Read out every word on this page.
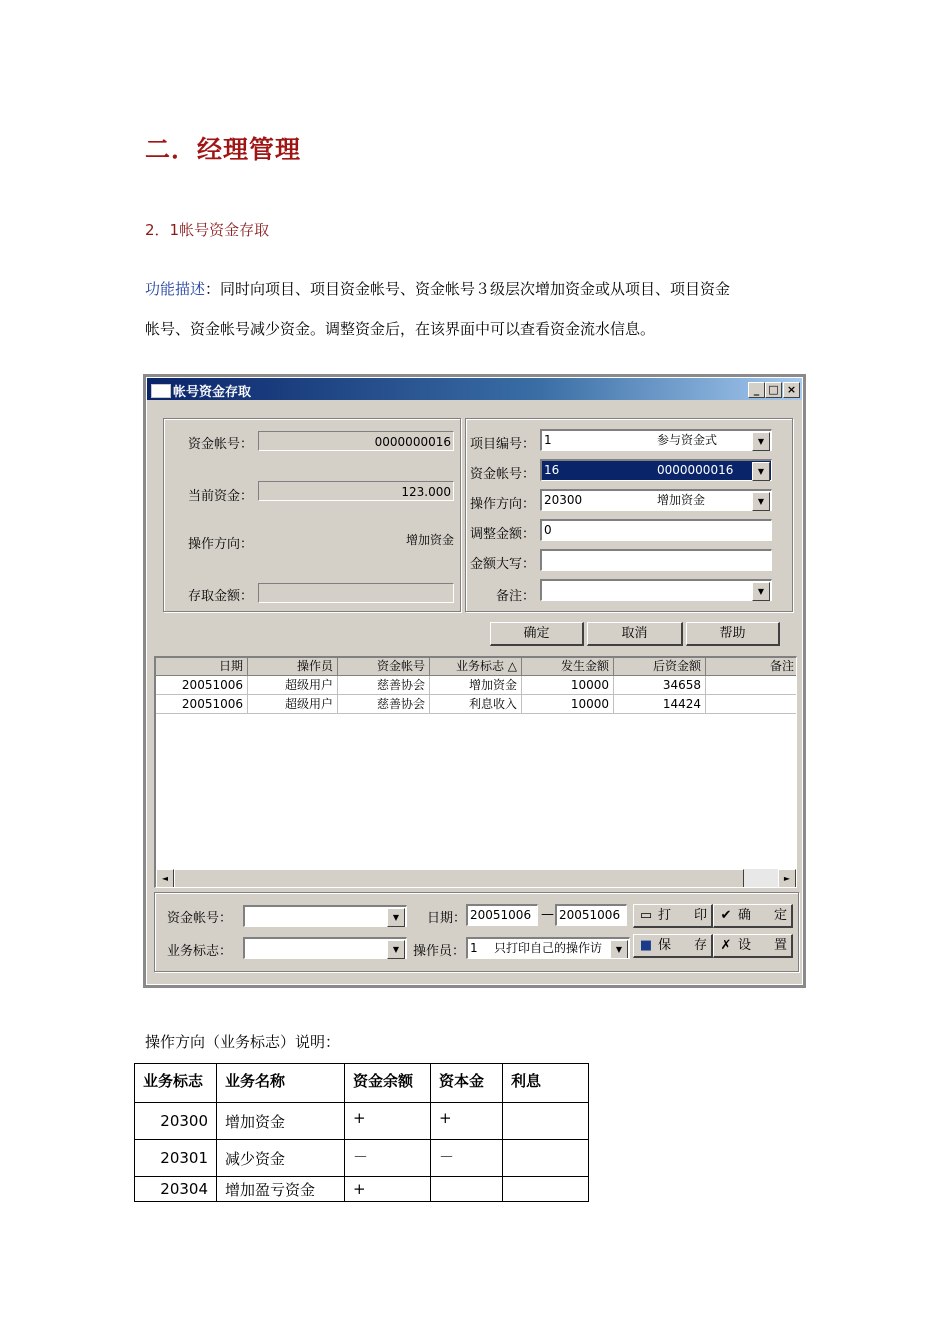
二．经理管理
2．1帐号资金存取
功能描述：同时向项目、项目资金帐号、资金帐号３级层次增加资金或从项目、项目资金
帐号、资金帐号减少资金。调整资金后，在该界面中可以查看资金流水信息。
帐号资金存取	_ □ ×
资金帐号：	0000000016
当前资金：	123.000
操作方向：	增加资金
存取金额：
项目编号： 1	参与资金式	▼
资金帐号： 16	0000000016	▼
操作方向： 20300	增加资金	▼
调整金额： 0
金额大写：
备注：	▼
确定	取消	帮助
日期	操作员	资金帐号	业务标志 △	发生金额	后资金额	备注
20051006	超级用户	慈善协会	增加资金	10000	34658
20051006	超级用户	慈善协会	利息收入	10000	14424
◄	►
资金帐号：	▼
业务标志：	▼
日期： 20051006 — 20051006
操作员： 1 只打印自己的操作访	▼
▭ 打 印 ✔ 确 定
■ 保 存 ✗ 设 置
操作方向（业务标志）说明：
业务标志	业务名称	资金余额	资本金	利息
20300	增加资金	+	+	
20301	减少资金	－	－	
20304	增加盈亏资金	+		
